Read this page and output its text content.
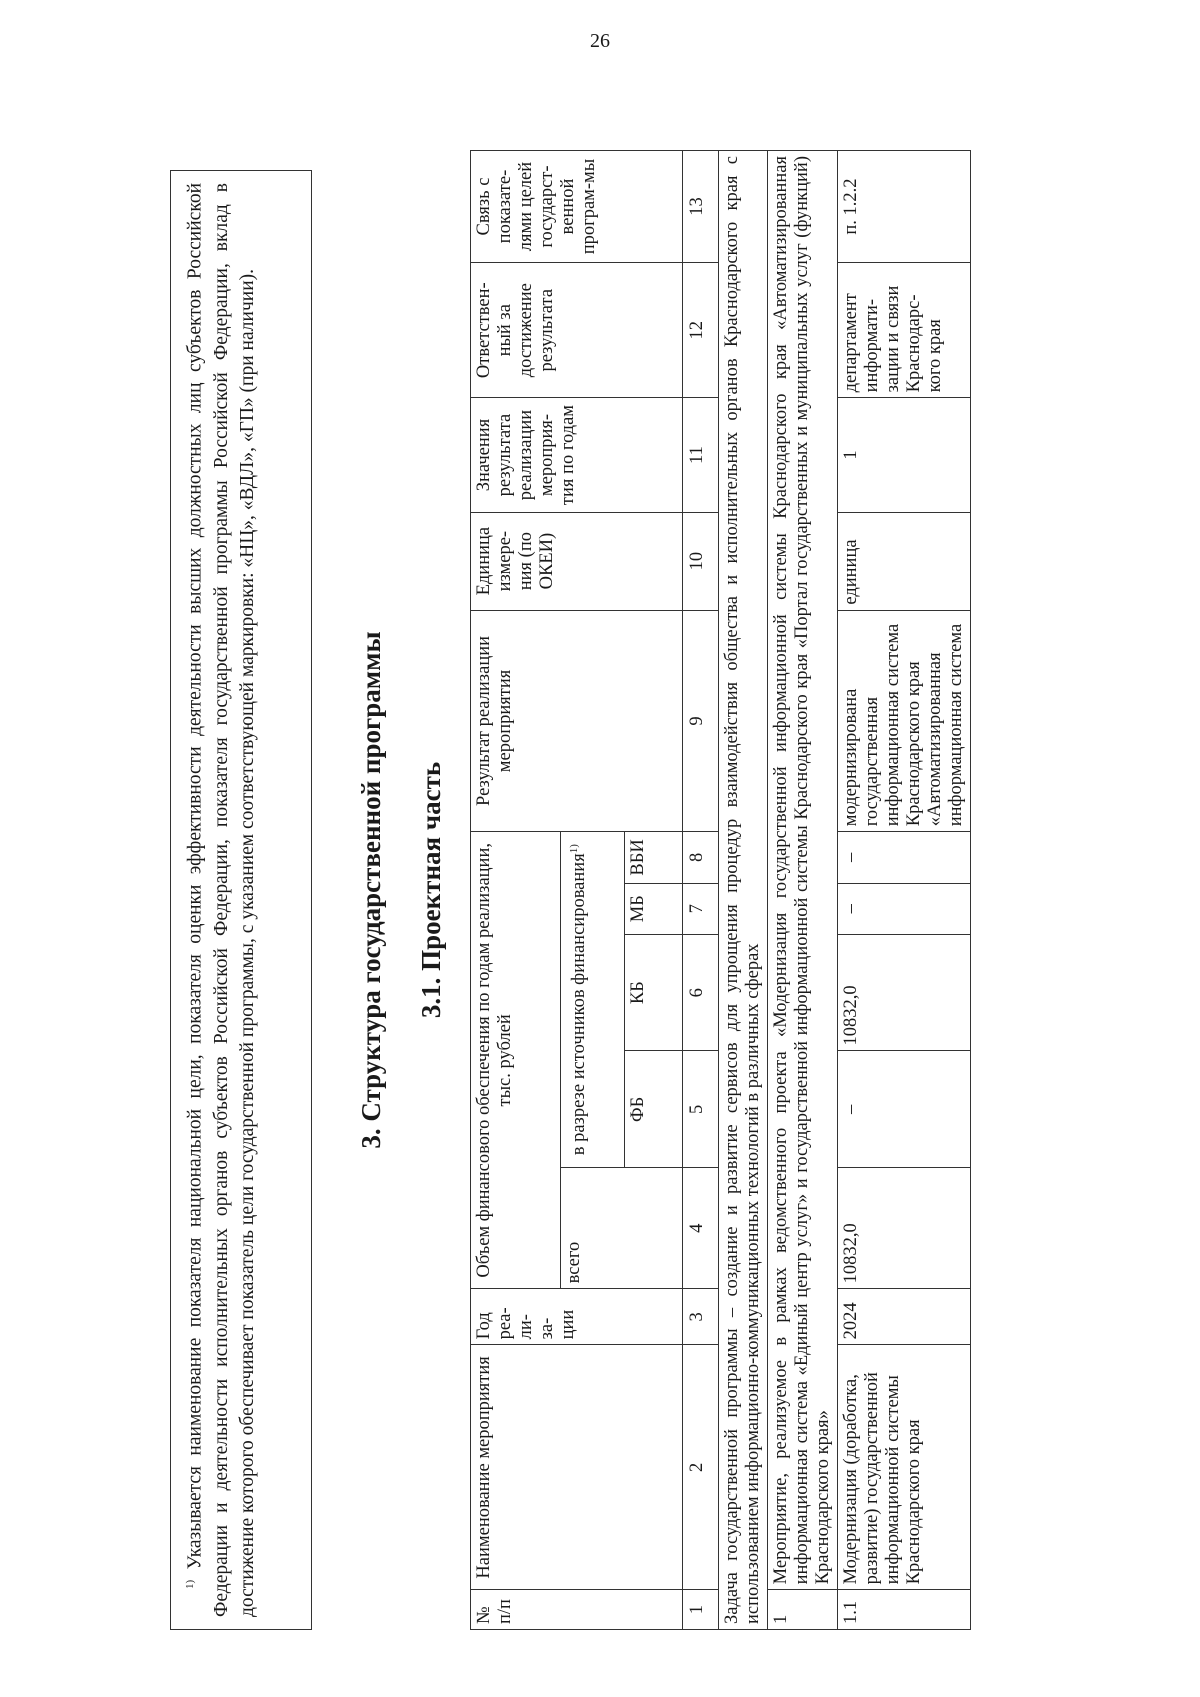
26
$^{1)}$ Указывается наименование показателя национальной цели, показателя оценки эффективности деятельности высших должностных лиц субъектов Российской Федерации и деятельности исполнительных органов субъектов Российской Федерации, показателя государственной программы Российской Федерации, вклад в достижение которого обеспечивает показатель цели государственной программы, с указанием соответствующей маркировки: «НЦ», «ВДЛ», «ГП» (при наличии).	3. Структура государственной программы 3.1. Проектная часть
№ п/п	Наименование мероприятия	Год реа-ли-за-ции	Объем финансового обеспечения по годам реализации, тыс. рублей					Результат реализации мероприятия	Единица измере-ния (по ОКЕИ)	Значения результата реализации мероприя-тия по годам	Ответствен-ный за достижение результата	Связь с показате-лями целей государст-венной програм-мы
			всего	в разрезе источников финансирования$^{1)}$
				ФБ	КБ	МБ	ВБИ					
1	2	3	4	5	6	7	8	9	10	11	12	13
Задача государственной программы – создание и развитие сервисов для упрощения процедур взаимодействия общества и исполнительных органов Краснодарского края с использованием информационно-коммуникационных технологий в различных сферах												
1	Мероприятие, реализуемое в рамках ведомственного проекта «Модернизация государственной информационной системы Краснодарского края «Автоматизированная информационная система «Единый центр услуг» и государственной информационной системы Краснодарского края «Портал государственных и муниципальных услуг (функций) Краснодарского края»											
1.1	Модернизация (доработка, развитие) государственной информационной системы Краснодарского края	2024	10832,0	–	10832,0	–	–	модернизирована государственная информационная система Краснодарского края «Автоматизированная информационная система	единица	1	департамент информати-зации и связи Краснодарс-кого края	п. 1.2.2
